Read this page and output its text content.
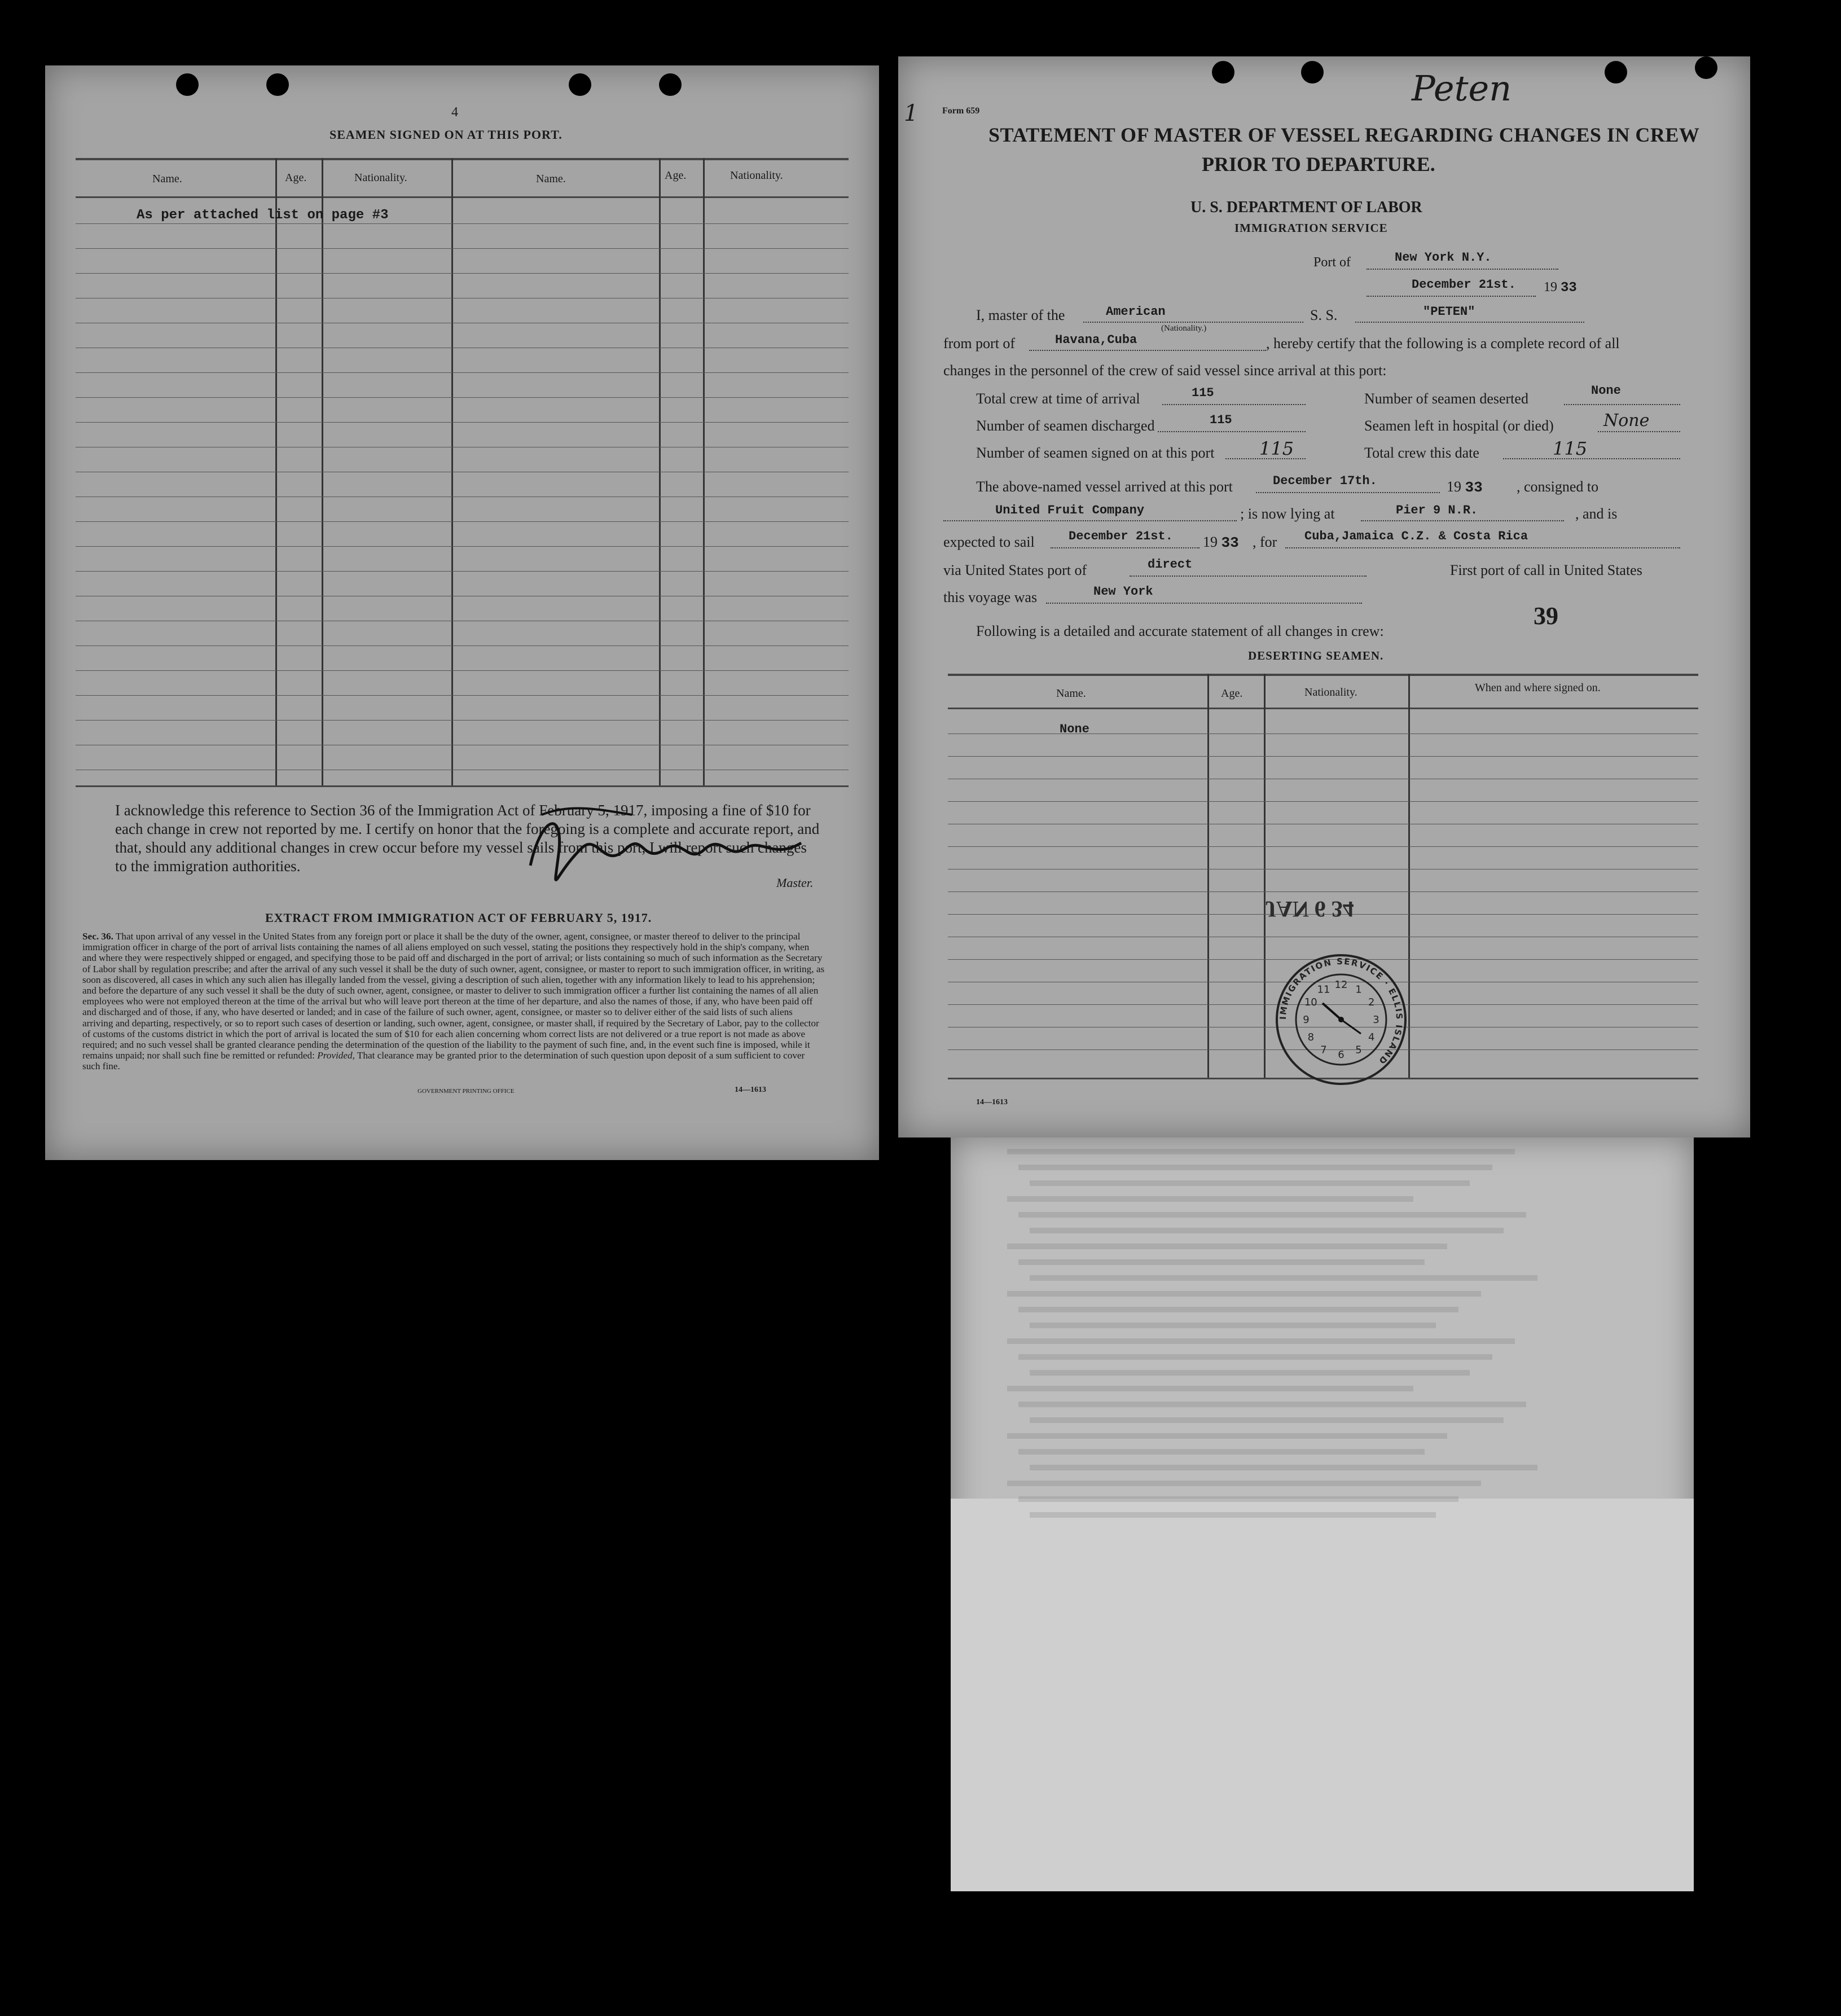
4
SEAMEN SIGNED ON AT THIS PORT.
Name.	Age.	Nationality.	Name.	Age.	Nationality.
As per attached list on page #3
I acknowledge this reference to Section 36 of the Immigration Act of February 5, 1917, imposing a fine of $10 for each change in crew not reported by me. I certify on honor that the foregoing is a complete and accurate report, and that, should any additional changes in crew occur before my vessel sails from this port, I will report such changes to the immigration authorities.
Master.
EXTRACT FROM IMMIGRATION ACT OF FEBRUARY 5, 1917.
Sec. 36. That upon arrival of any vessel in the United States from any foreign port or place it shall be the duty of the owner, agent, consignee, or master thereof to deliver to the principal immigration officer in charge of the port of arrival lists containing the names of all aliens employed on such vessel, stating the positions they respectively hold in the ship's company, when and where they were respectively shipped or engaged, and specifying those to be paid off and discharged in the port of arrival; or lists containing so much of such information as the Secretary of Labor shall by regulation prescribe; and after the arrival of any such vessel it shall be the duty of such owner, agent, consignee, or master to report to such immigration officer, in writing, as soon as discovered, all cases in which any such alien has illegally landed from the vessel, giving a description of such alien, together with any information likely to lead to his apprehension; and before the departure of any such vessel it shall be the duty of such owner, agent, consignee, or master to deliver to such immigration officer a further list containing the names of all alien employees who were not employed thereon at the time of the arrival but who will leave port thereon at the time of her departure, and also the names of those, if any, who have been paid off and discharged and of those, if any, who have deserted or landed; and in case of the failure of such owner, agent, consignee, or master so to deliver either of the said lists of such aliens arriving and departing, respectively, or so to report such cases of desertion or landing, such owner, agent, consignee, or master shall, if required by the Secretary of Labor, pay to the collector of customs of the customs district in which the port of arrival is located the sum of $10 for each alien concerning whom correct lists are not delivered or a true report is not made as above required; and no such vessel shall be granted clearance pending the determination of the question of the liability to the payment of such fine, and, in the event such fine is imposed, while it remains unpaid; nor shall such fine be remitted or refunded: Provided, That clearance may be granted prior to the determination of such question upon deposit of a sum sufficient to cover such fine.
GOVERNMENT PRINTING OFFICE	14—1613
1	Form 659
Peten
STATEMENT OF MASTER OF VESSEL REGARDING CHANGES IN CREW
PRIOR TO DEPARTURE.
U. S. DEPARTMENT OF LABOR
IMMIGRATION SERVICE
Port of	New York N.Y.
December 21st. 19 33
I, master of the	American	S. S.	"PETEN"
(Nationality.)
from port of	Havana,Cuba	, hereby certify that the following is a complete record of all
changes in the personnel of the crew of said vessel since arrival at this port:
Total crew at time of arrival	115	Number of seamen deserted	None
Number of seamen discharged	115	Seamen left in hospital (or died)	None
Number of seamen signed on at this port 115	Total crew this date	115
The above-named vessel arrived at this port	December 17th.	19 33 , consigned to
United Fruit Company	; is now lying at	Pier 9 N.R.	, and is
expected to sail	December 21st. 19 33 , for Cuba,Jamaica C.Z. & Costa Rica
via United States port of	direct	First port of call in United States
this voyage was	New York
Following is a detailed and accurate statement of all changes in crew:
39
DESERTING SEAMEN.
Name.	Age.	Nationality.	When and where signed on.
None
JAN 6 34
IMMIGRATION SERVICE · ELLIS ISLAND
12 1
2
3
4
5
6
7
8
9
10
11
14—1613
